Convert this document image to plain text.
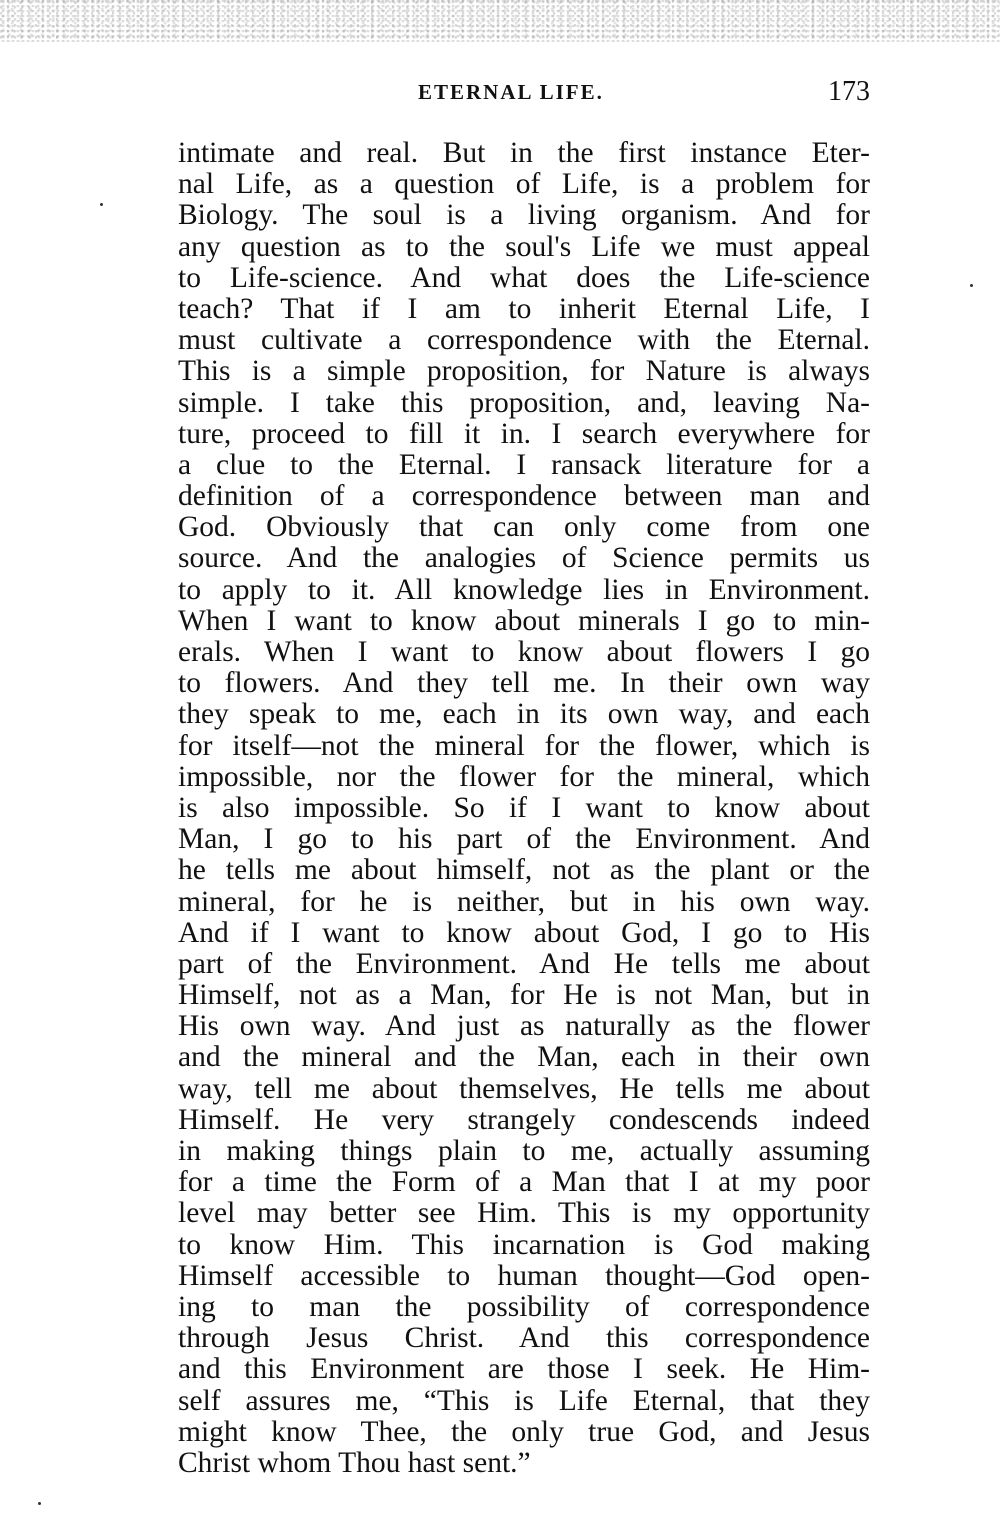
ETERNAL LIFE.	173
intimate and real. But in the first instance Eter-
nal Life, as a question of Life, is a problem for
Biology. The soul is a living organism. And for
any question as to the soul's Life we must appeal
to Life-science. And what does the Life-science
teach? That if I am to inherit Eternal Life, I
must cultivate a correspondence with the Eternal.
This is a simple proposition, for Nature is always
simple. I take this proposition, and, leaving Na-
ture, proceed to fill it in. I search everywhere for
a clue to the Eternal. I ransack literature for a
definition of a correspondence between man and
God. Obviously that can only come from one
source. And the analogies of Science permits us
to apply to it. All knowledge lies in Environment.
When I want to know about minerals I go to min-
erals. When I want to know about flowers I go
to flowers. And they tell me. In their own way
they speak to me, each in its own way, and each
for itself—not the mineral for the flower, which is
impossible, nor the flower for the mineral, which
is also impossible. So if I want to know about
Man, I go to his part of the Environment. And
he tells me about himself, not as the plant or the
mineral, for he is neither, but in his own way.
And if I want to know about God, I go to His
part of the Environment. And He tells me about
Himself, not as a Man, for He is not Man, but in
His own way. And just as naturally as the flower
and the mineral and the Man, each in their own
way, tell me about themselves, He tells me about
Himself. He very strangely condescends indeed
in making things plain to me, actually assuming
for a time the Form of a Man that I at my poor
level may better see Him. This is my opportunity
to know Him. This incarnation is God making
Himself accessible to human thought—God open-
ing to man the possibility of correspondence
through Jesus Christ. And this correspondence
and this Environment are those I seek. He Him-
self assures me, “This is Life Eternal, that they
might know Thee, the only true God, and Jesus
Christ whom Thou hast sent.”
